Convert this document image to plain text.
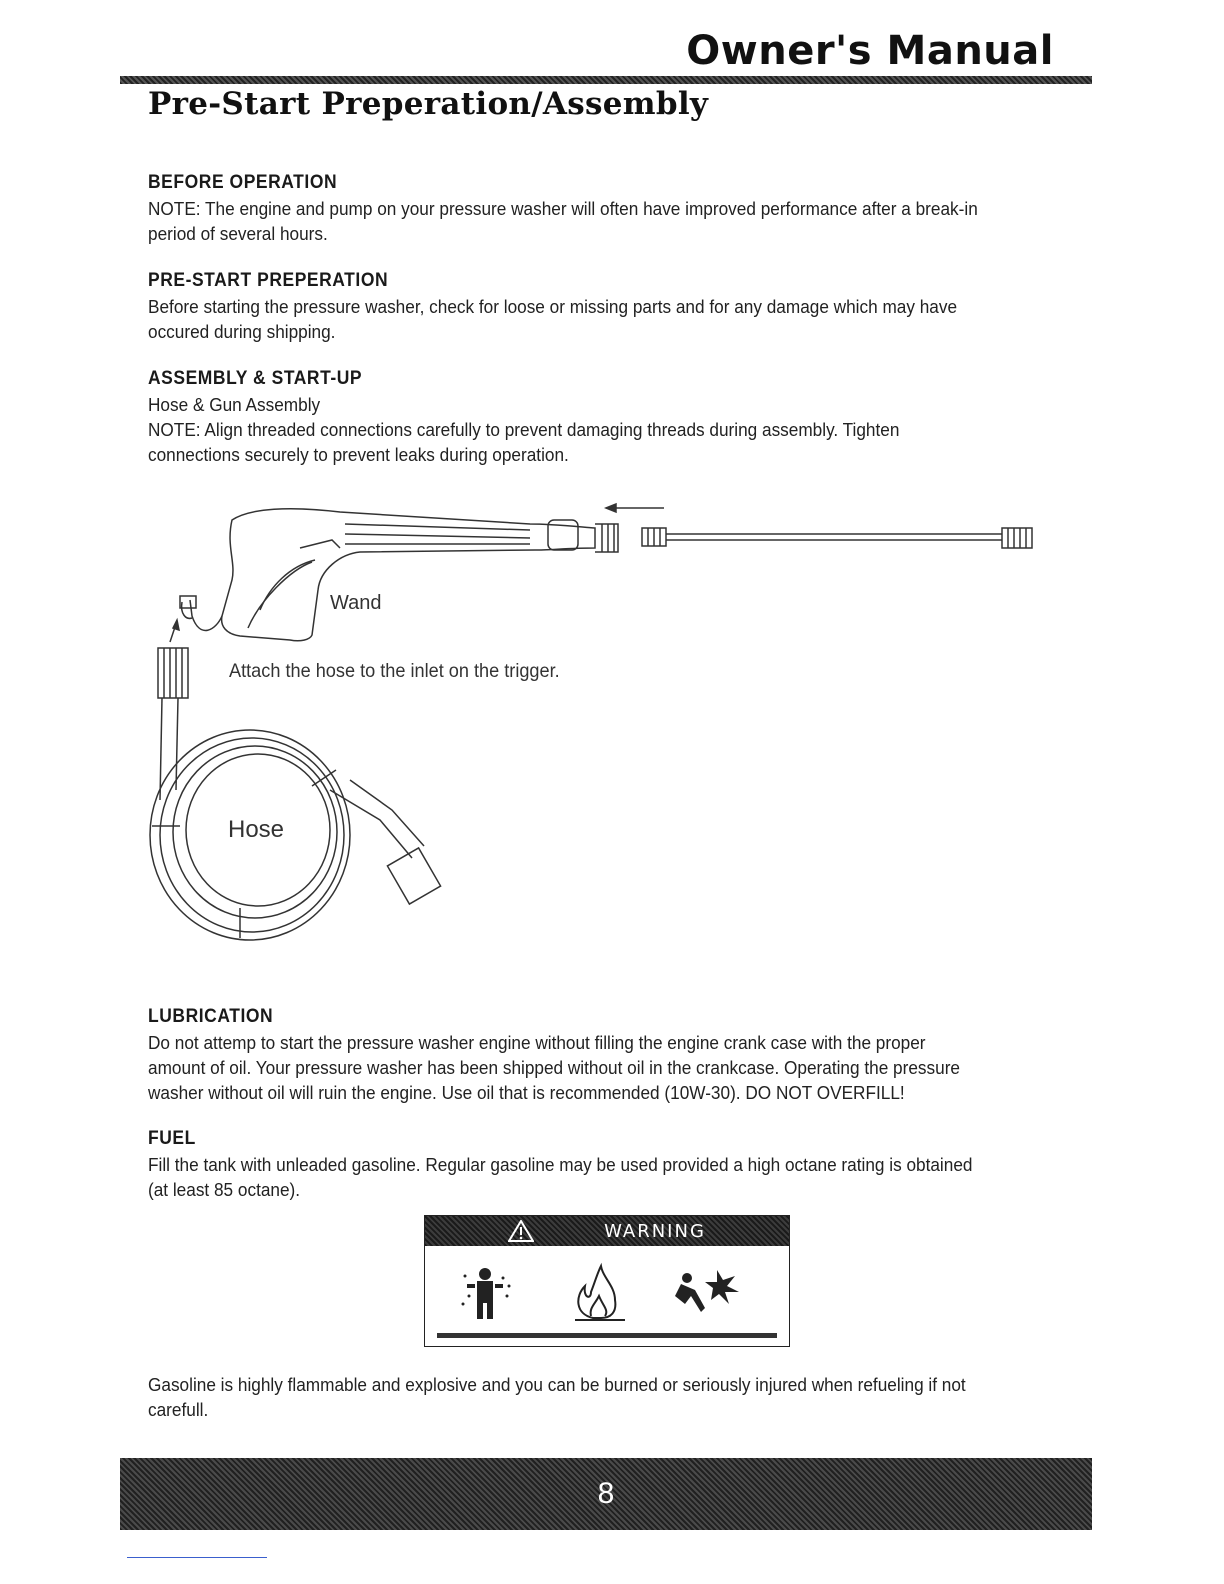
Owner's Manual
Pre-Start Preperation/Assembly
BEFORE OPERATION

NOTE: The engine and pump on your pressure washer will often have improved performance after a break-in
period of several hours.

PRE-START PREPERATION

Before starting the pressure washer, check for loose or missing parts and for any damage which may have
occured during shipping.

ASSEMBLY & START-UP

Hose & Gun Assembly

NOTE: Align threaded connections carefully to prevent damaging threads during assembly. Tighten
connections securely to prevent leaks during operation.

Wand
Attach the hose to the inlet on the trigger.
Hose
LUBRICATION

Do not attemp to start the pressure washer engine without filling the engine crank case with the proper
amount of oil. Your pressure washer has been shipped without oil in the crankcase. Operating the pressure
washer without oil will ruin the engine. Use oil that is recommended (10W-30). DO NOT OVERFILL!

FUEL

Fill the tank with unleaded gasoline. Regular gasoline may be used provided a high octane rating is obtained
(at least 85 octane).

WARNING

Gasoline is highly flammable and explosive and you can be burned or seriously injured when refueling if not
carefull.

8
